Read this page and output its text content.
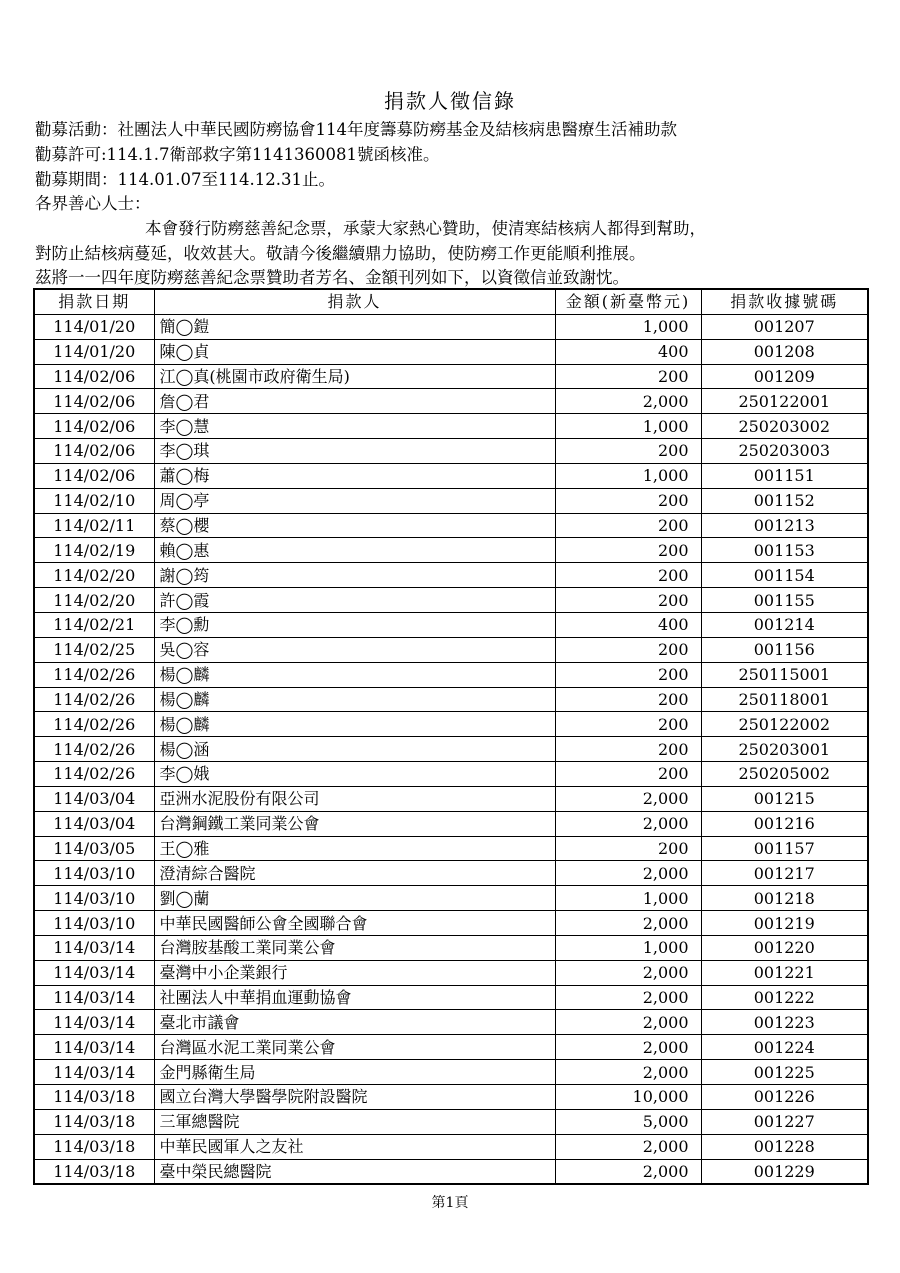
捐款人徵信錄
勸募活動：社團法人中華民國防癆協會114年度籌募防癆基金及結核病患醫療生活補助款
勸募許可:114.1.7衛部救字第1141360081號函核准。
勸募期間：114.01.07至114.12.31止。
各界善心人士：
本會發行防癆慈善紀念票，承蒙大家熱心贊助，使清寒結核病人都得到幫助，
對防止結核病蔓延，收效甚大。敬請今後繼續鼎力協助，使防癆工作更能順利推展。
茲將一一四年度防癆慈善紀念票贊助者芳名、金額刊列如下，以資徵信並致謝忱。
捐款日期	捐款人	金額(新臺幣元)	捐款收據號碼
114/01/20	簡◯鎧	1,000	001207
114/01/20	陳◯貞	400	001208
114/02/06	江◯真(桃園市政府衛生局)	200	001209
114/02/06	詹◯君	2,000	250122001
114/02/06	李◯慧	1,000	250203002
114/02/06	李◯琪	200	250203003
114/02/06	蕭◯梅	1,000	001151
114/02/10	周◯亭	200	001152
114/02/11	蔡◯櫻	200	001213
114/02/19	賴◯惠	200	001153
114/02/20	謝◯筠	200	001154
114/02/20	許◯霞	200	001155
114/02/21	李◯勳	400	001214
114/02/25	吳◯容	200	001156
114/02/26	楊◯麟	200	250115001
114/02/26	楊◯麟	200	250118001
114/02/26	楊◯麟	200	250122002
114/02/26	楊◯涵	200	250203001
114/02/26	李◯娥	200	250205002
114/03/04	亞洲水泥股份有限公司	2,000	001215
114/03/04	台灣鋼鐵工業同業公會	2,000	001216
114/03/05	王◯雅	200	001157
114/03/10	澄清綜合醫院	2,000	001217
114/03/10	劉◯蘭	1,000	001218
114/03/10	中華民國醫師公會全國聯合會	2,000	001219
114/03/14	台灣胺基酸工業同業公會	1,000	001220
114/03/14	臺灣中小企業銀行	2,000	001221
114/03/14	社團法人中華捐血運動協會	2,000	001222
114/03/14	臺北市議會	2,000	001223
114/03/14	台灣區水泥工業同業公會	2,000	001224
114/03/14	金門縣衛生局	2,000	001225
114/03/18	國立台灣大學醫學院附設醫院	10,000	001226
114/03/18	三軍總醫院	5,000	001227
114/03/18	中華民國軍人之友社	2,000	001228
114/03/18	臺中榮民總醫院	2,000	001229
第1頁
